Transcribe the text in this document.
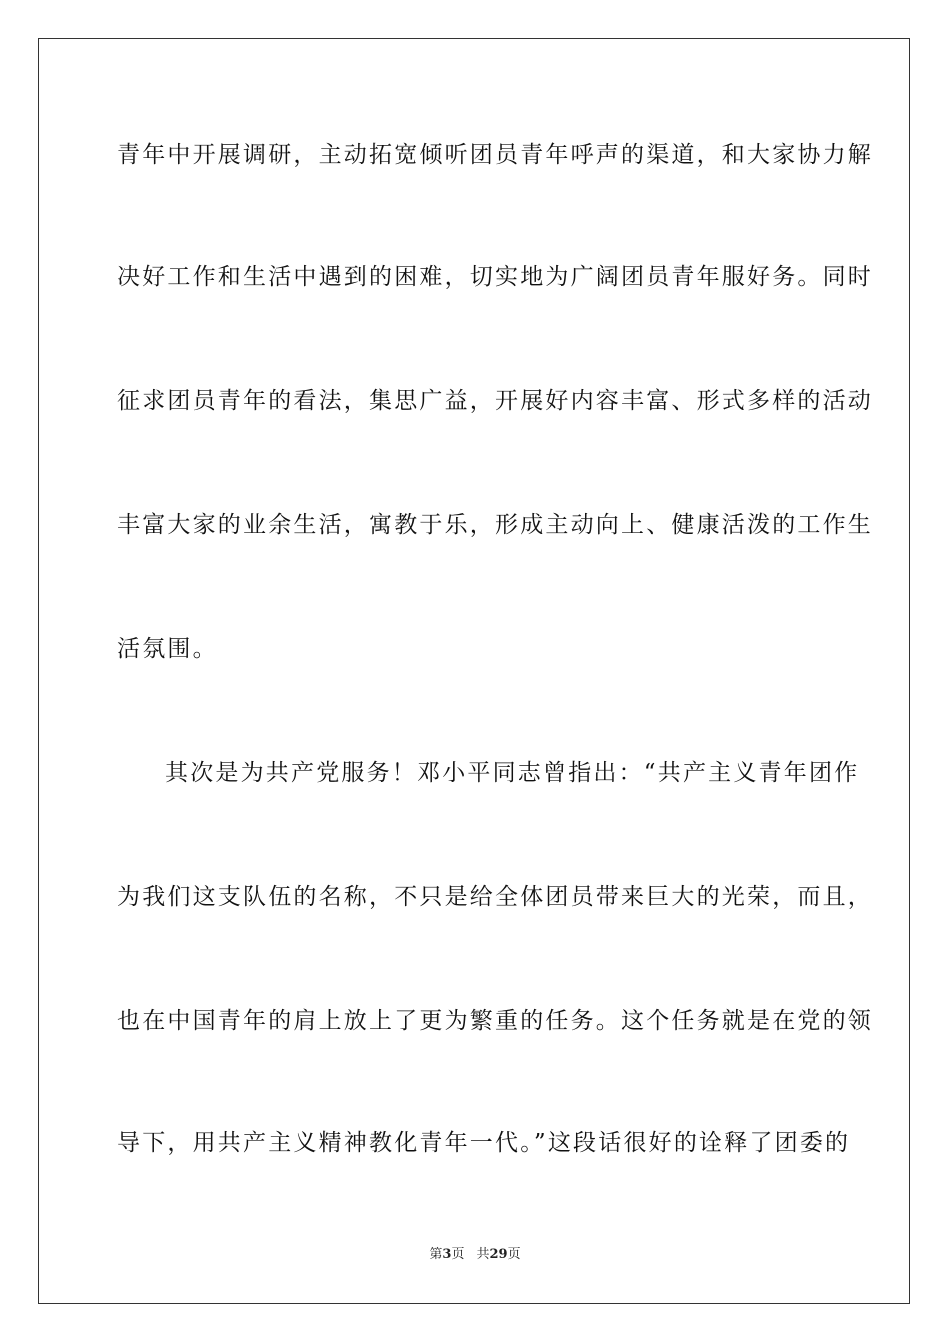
青年中开展调研，主动拓宽倾听团员青年呼声的渠道，和大家协力解
决好工作和生活中遇到的困难，切实地为广阔团员青年服好务。同时
征求团员青年的看法，集思广益，开展好内容丰富、形式多样的活动
丰富大家的业余生活，寓教于乐，形成主动向上、健康活泼的工作生
活氛围。
其次是为共产党服务！邓小平同志曾指出：“共产主义青年团作
为我们这支队伍的名称，不只是给全体团员带来巨大的光荣，而且，
也在中国青年的肩上放上了更为繁重的任务。这个任务就是在党的领
导下，用共产主义精神教化青年一代。”这段话很好的诠释了团委的
第3页 共29页
